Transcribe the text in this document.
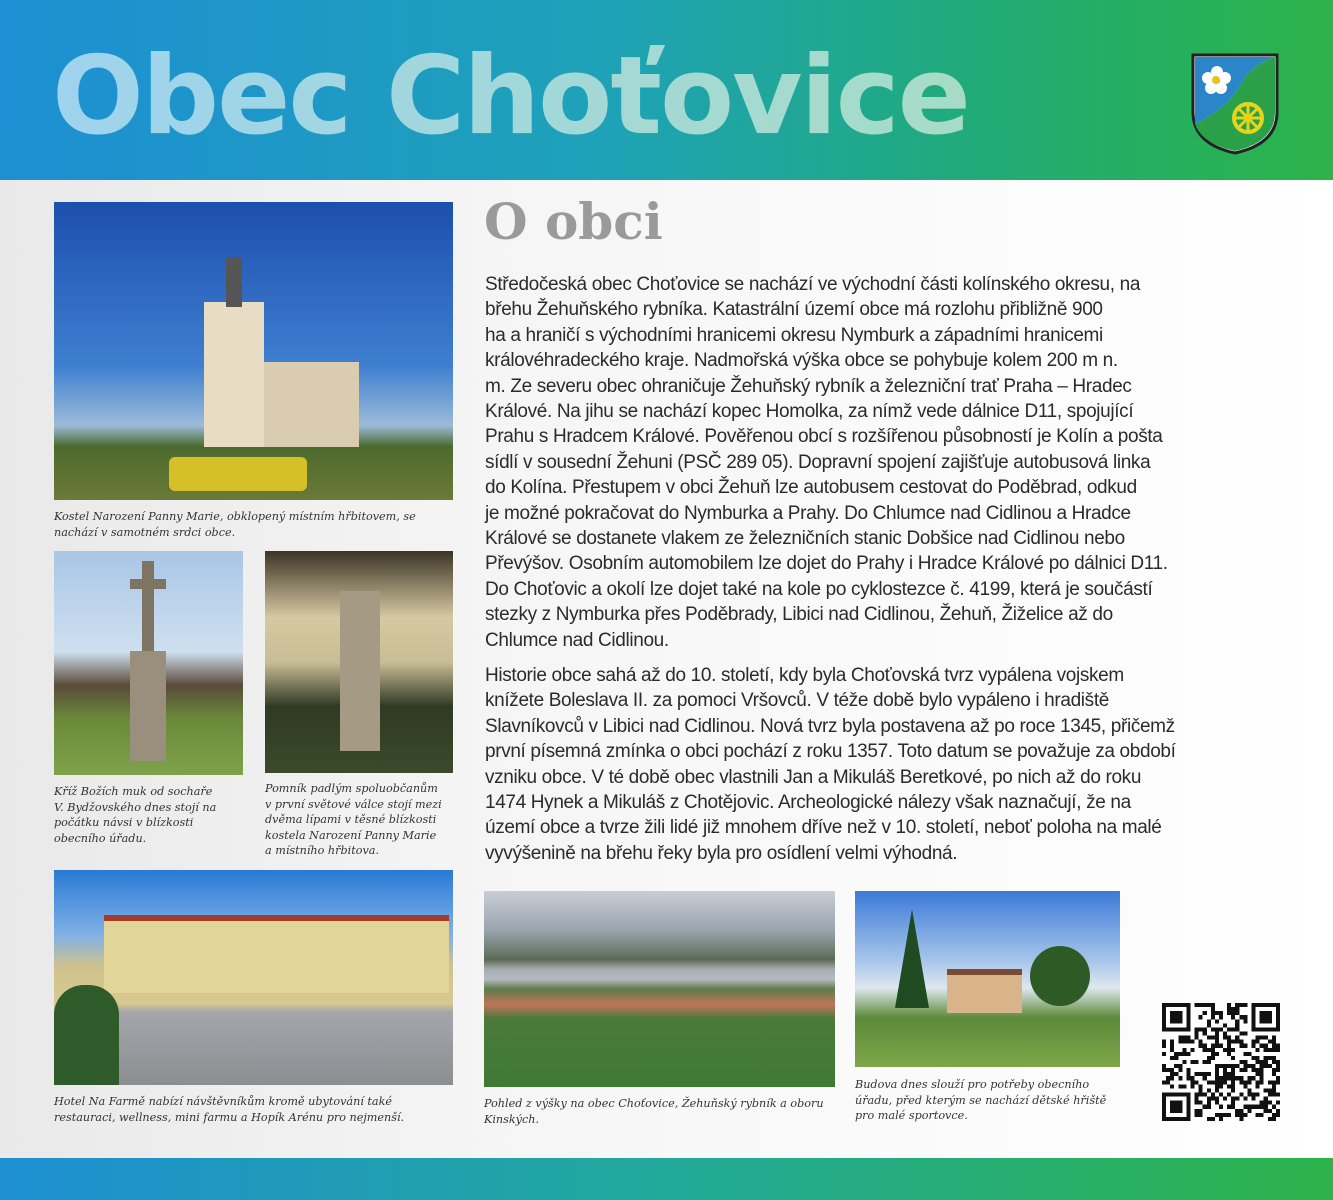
Obec Choťovice
Kostel Narození Panny Marie, obklopený místním hřbitovem, se nachází v samotném srdci obce.
Kříž Božích muk od sochaře V. Bydžovského dnes stojí na počátku návsi v blízkosti obecního úřadu.
Pomník padlým spoluobčanům v první světové válce stojí mezi dvěma lípami v těsné blízkosti kostela Narození Panny Marie a místního hřbitova.
Hotel Na Farmě nabízí návštěvníkům kromě ubytování také restauraci, wellness, mini farmu a Hopík Arénu pro nejmenší.
O obci
Středočeská obec Choťovice se nachází ve východní části kolínského okresu, na
břehu Žehuňského rybníka. Katastrální území obce má rozlohu přibližně 900
ha a hraničí s východními hranicemi okresu Nymburk a západními hranicemi
královéhradeckého kraje. Nadmořská výška obce se pohybuje kolem 200 m n.
m. Ze severu obec ohraničuje Žehuňský rybník a železniční trať Praha – Hradec
Králové. Na jihu se nachází kopec Homolka, za nímž vede dálnice D11, spojující
Prahu s Hradcem Králové. Pověřenou obcí s rozšířenou působností je Kolín a pošta
sídlí v sousední Žehuni (PSČ 289 05). Dopravní spojení zajišťuje autobusová linka
do Kolína. Přestupem v obci Žehuň lze autobusem cestovat do Poděbrad, odkud
je možné pokračovat do Nymburka a Prahy. Do Chlumce nad Cidlinou a Hradce
Králové se dostanete vlakem ze železničních stanic Dobšice nad Cidlinou nebo
Převýšov. Osobním automobilem lze dojet do Prahy i Hradce Králové po dálnici D11.
Do Choťovic a okolí lze dojet také na kole po cyklostezce č. 4199, která je součástí
stezky z Nymburka přes Poděbrady, Libici nad Cidlinou, Žehuň, Žiželice až do
Chlumce nad Cidlinou.
Historie obce sahá až do 10. století, kdy byla Choťovská tvrz vypálena vojskem
knížete Boleslava II. za pomoci Vršovců. V téže době bylo vypáleno i hradiště
Slavníkovců v Libici nad Cidlinou. Nová tvrz byla postavena až po roce 1345, přičemž
první písemná zmínka o obci pochází z roku 1357. Toto datum se považuje za období
vzniku obce. V té době obec vlastnili Jan a Mikuláš Beretkové, po nich až do roku
1474 Hynek a Mikuláš z Chotějovic. Archeologické nálezy však naznačují, že na
území obce a tvrze žili lidé již mnohem dříve než v 10. století, neboť poloha na malé
vyvýšenině na břehu řeky byla pro osídlení velmi výhodná.
Pohled z výšky na obec Choťovice, Žehuňský rybník a oboru Kinských.
Budova dnes slouží pro potřeby obecního úřadu, před kterým se nachází dětské hřiště pro malé sportovce.
